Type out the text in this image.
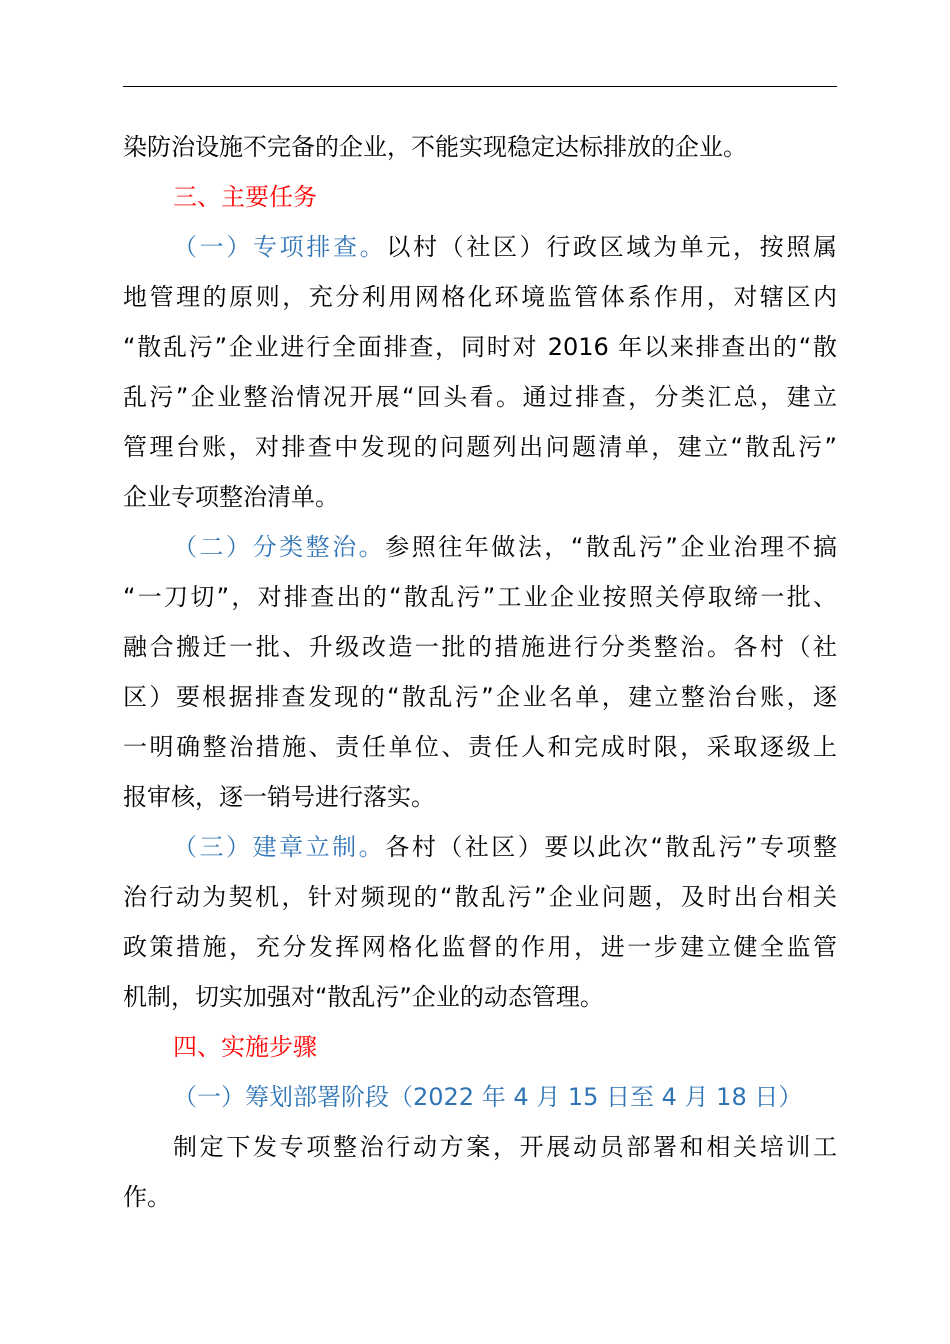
染防治设施不完备的企业，不能实现稳定达标排放的企业。
三、主要任务
（一）专项排查。以村（社区）行政区域为单元，按照属
地管理的原则，充分利用网格化环境监管体系作用，对辖区内
“散乱污”企业进行全面排查，同时对 2016 年以来排查出的“散
乱污”企业整治情况开展“回头看。通过排查，分类汇总，建立
管理台账，对排查中发现的问题列出问题清单，建立“散乱污”
企业专项整治清单。
（二）分类整治。参照往年做法，“散乱污”企业治理不搞
“一刀切”，对排查出的“散乱污”工业企业按照关停取缔一批、
融合搬迁一批、升级改造一批的措施进行分类整治。各村（社
区）要根据排查发现的“散乱污”企业名单，建立整治台账，逐
一明确整治措施、责任单位、责任人和完成时限，采取逐级上
报审核，逐一销号进行落实。
（三）建章立制。各村（社区）要以此次“散乱污”专项整
治行动为契机，针对频现的“散乱污”企业问题，及时出台相关
政策措施，充分发挥网格化监督的作用，进一步建立健全监管
机制，切实加强对“散乱污”企业的动态管理。
四、实施步骤
（一）筹划部署阶段（2022 年 4 月 15 日至 4 月 18 日）
制定下发专项整治行动方案，开展动员部署和相关培训工
作。
